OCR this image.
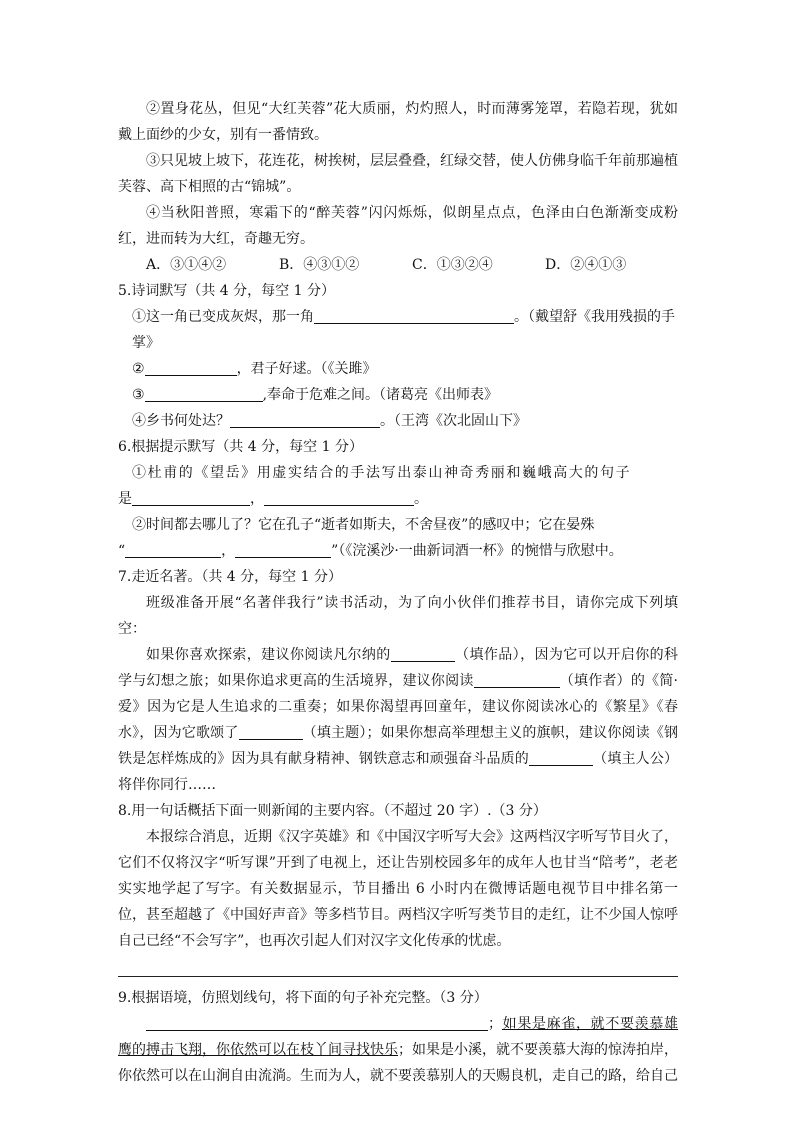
②置身花丛，但见“大红芙蓉”花大质丽，灼灼照人，时而薄雾笼罩，若隐若现，犹如戴上面纱的少女，别有一番情致。

③只见坡上坡下，花连花，树挨树，层层叠叠，红绿交替，使人仿佛身临千年前那遍植芙蓉、高下相照的古“锦城”。

④当秋阳普照，寒霜下的“醉芙蓉”闪闪烁烁，似朗星点点，色泽由白色渐渐变成粉红，进而转为大红，奇趣无穷。

A．③①④②	B．④③①②	C．①③②④	D．②④①③

5.诗词默写（共 4 分，每空 1 分）

①这一角已变成灰烬，那一角	。（戴望舒《我用残损的手掌》

②	，君子好逑。（《关雎》

③	,奉命于危难之间。（诸葛亮《出师表》

④乡书何处达？	。（王湾《次北固山下》

6.根据提示默写（共 4 分，每空 1 分）

①杜甫的《望岳》用虚实结合的手法写出泰山神奇秀丽和巍峨高大的句子

是	，	。

②时间都去哪儿了？它在孔子“逝者如斯夫，不舍昼夜”的感叹中；它在晏殊

“	，	”（《浣溪沙·一曲新词酒一杯》的惋惜与欣慰中。

7.走近名著。（共 4 分，每空 1 分）

班级准备开展“名著伴我行”读书活动，为了向小伙伴们推荐书目，请你完成下列填空：

如果你喜欢探索，建议你阅读凡尔纳的	（填作品），因为它可以开启你的科学与幻想之旅；如果你追求更高的生活境界，建议你阅读	（填作者）的《简·爱》因为它是人生追求的二重奏；如果你渴望再回童年，建议你阅读冰心的《繁星》《春水》，因为它歌颂了	（填主题）；如果你想高举理想主义的旗帜，建议你阅读《钢铁是怎样炼成的》因为具有献身精神、钢铁意志和顽强奋斗品质的	（填主人公）将伴你同行……

8.用一句话概括下面一则新闻的主要内容。（不超过 20 字）.（3 分）

本报综合消息，近期《汉字英雄》和《中国汉字听写大会》这两档汉字听写节目火了，它们不仅将汉字“听写课”开到了电视上，还让告别校园多年的成年人也甘当“陪考”，老老实实地学起了写字。有关数据显示，节目播出 6 小时内在微博话题电视节目中排名第一位，甚至超越了《中国好声音》等多档节目。两档汉字听写类节目的走红，让不少国人惊呼自己已经“不会写字”，也再次引起人们对汉字文化传承的忧虑。

9.根据语境，仿照划线句，将下面的句子补充完整。（3 分）

；如果是麻雀，就不要羡慕雄鹰的搏击飞翔，你依然可以在枝丫间寻找快乐；如果是小溪，就不要羡慕大海的惊涛拍岸，你依然可以在山涧自由流淌。生而为人，就不要羡慕别人的天赐良机，走自己的路，给自己
